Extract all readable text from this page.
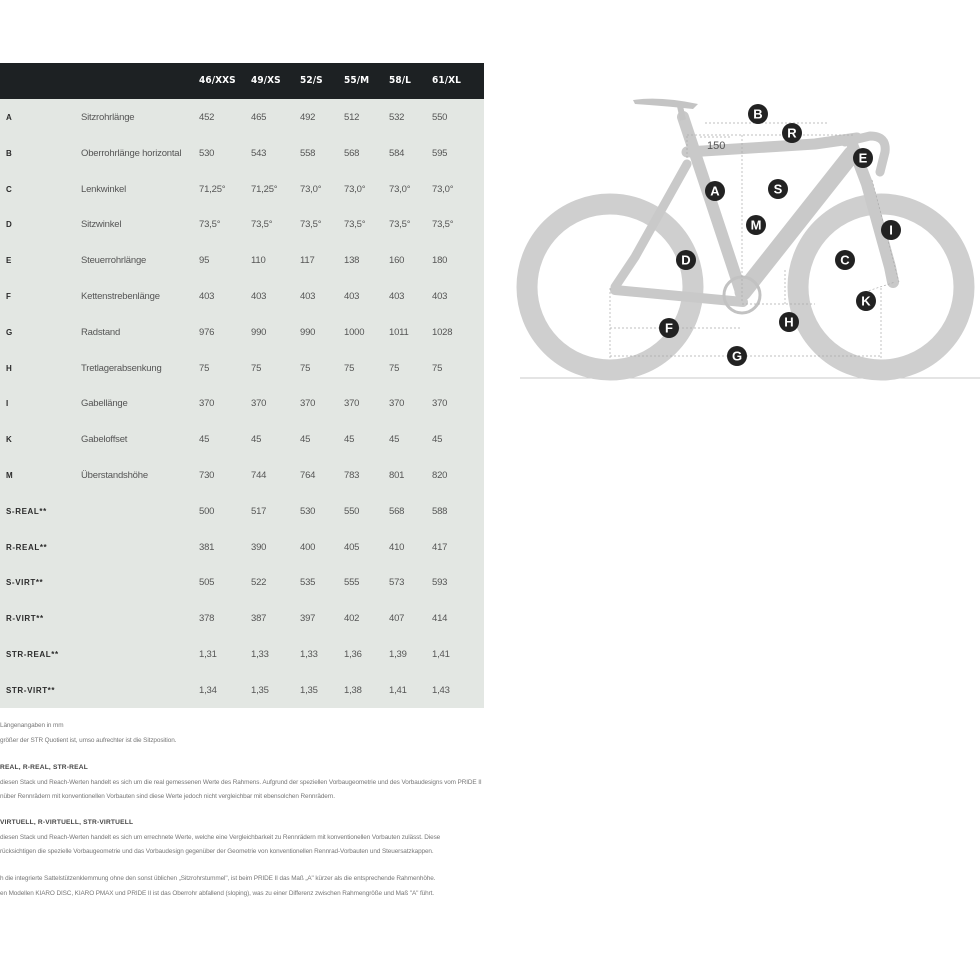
46/XXS 49/XS 52/S 55/M 58/L 61/XL
A	Sitzrohrlänge	452	465	492	512	532	550
B	Oberrohrlänge horizontal 530	543	558	568	584	595
C	Lenkwinkel	71,25°	71,25° 73,0° 73,0° 73,0° 73,0°
D	Sitzwinkel	73,5°	73,5°	73,5° 73,5° 73,5° 73,5°
E	Steuerrohrlänge	95	110	117	138	160	180
F	Kettenstrebenlänge	403	403	403	403	403	403
G	Radstand	976	990	990	1000	1011 1028
H	Tretlagerabsenkung	75	75	75	75	75	75
I	Gabellänge	370	370	370	370	370	370
K	Gabeloffset	45	45	45	45	45	45
M	Überstandshöhe	730	744	764	783	801	820
S-REAL**	500	517	530	550	568	588
R-REAL**	381	390	400	405	410	417
S-VIRT**	505	522	535	555	573	593
R-VIRT**	378	387	397	402	407	414
STR-REAL**	1,31	1,33	1,33	1,36	1,39	1,41
STR-VIRT**	1,34	1,35	1,35	1,38	1,41	1,43
Längenangaben in mm
größer der STR Quotient ist, umso aufrechter ist die Sitzposition.
REAL, R-REAL, STR-REAL
diesen Stack und Reach-Werten handelt es sich um die real gemessenen Werte des Rahmens. Aufgrund der speziellen Vorbaugeometrie und des Vorbaudesigns vom PRIDE II
nüber Rennrädern mit konventionellen Vorbauten sind diese Werte jedoch nicht vergleichbar mit ebensolchen Rennrädern.
VIRTUELL, R-VIRTUELL, STR-VIRTUELL
diesen Stack und Reach-Werten handelt es sich um errechnete Werte, welche eine Vergleichbarkeit zu Rennrädern mit konventionellen Vorbauten zulässt. Diese
rücksichtigen die spezielle Vorbaugeometrie und das Vorbaudesign gegenüber der Geometrie von konventionellen Rennrad-Vorbauten und Steuersatzkappen.
h die integrierte Sattelstützenklemmung ohne den sonst üblichen „Sitzrohrstummel", ist beim PRIDE II das Maß „A" kürzer als die entsprechende Rahmenhöhe.
en Modellen KIARO DISC, KIARO PMAX und PRIDE II ist das Oberrohr abfallend (sloping), was zu einer Differenz zwischen Rahmengröße und Maß "A" führt.
150
B
R
E
A	S
M	I
D	C
K
H
F
G
